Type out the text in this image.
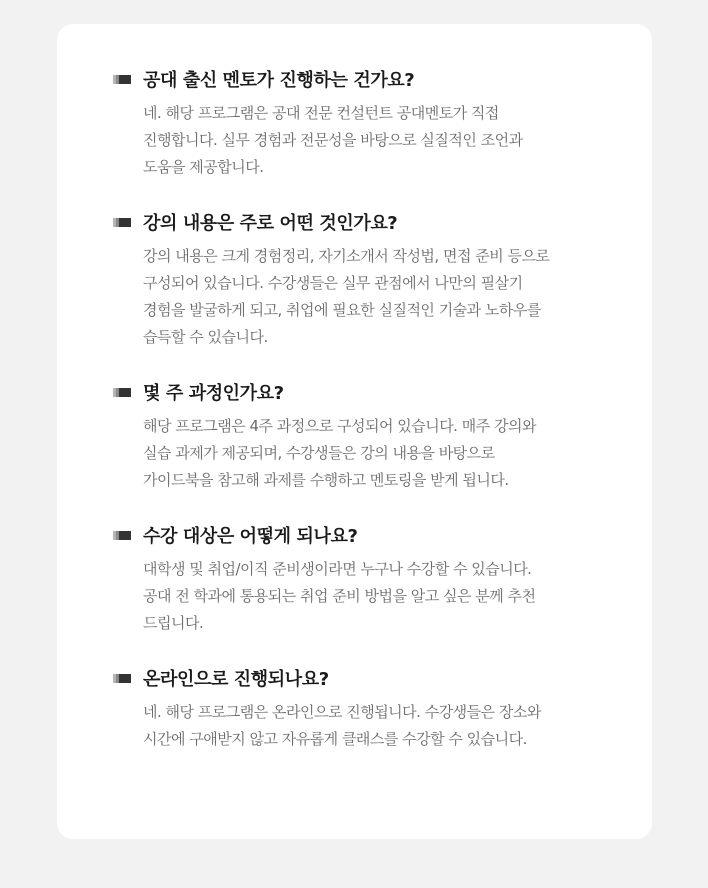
공대 출신 멘토가 진행하는 건가요?
네. 해당 프로그램은 공대 전문 컨설턴트 공대멘토가 직접
진행합니다. 실무 경험과 전문성을 바탕으로 실질적인 조언과
도움을 제공합니다.
강의 내용은 주로 어떤 것인가요?
강의 내용은 크게 경험정리, 자기소개서 작성법, 면접 준비 등으로
구성되어 있습니다. 수강생들은 실무 관점에서 나만의 필살기
경험을 발굴하게 되고, 취업에 필요한 실질적인 기술과 노하우를
습득할 수 있습니다.
몇 주 과정인가요?
해당 프로그램은 4주 과정으로 구성되어 있습니다. 매주 강의와
실습 과제가 제공되며, 수강생들은 강의 내용을 바탕으로
가이드북을 참고해 과제를 수행하고 멘토링을 받게 됩니다.
수강 대상은 어떻게 되나요?
대학생 및 취업/이직 준비생이라면 누구나 수강할 수 있습니다.
공대 전 학과에 통용되는 취업 준비 방법을 알고 싶은 분께 추천
드립니다.
온라인으로 진행되나요?
네. 해당 프로그램은 온라인으로 진행됩니다. 수강생들은 장소와
시간에 구애받지 않고 자유롭게 클래스를 수강할 수 있습니다.
